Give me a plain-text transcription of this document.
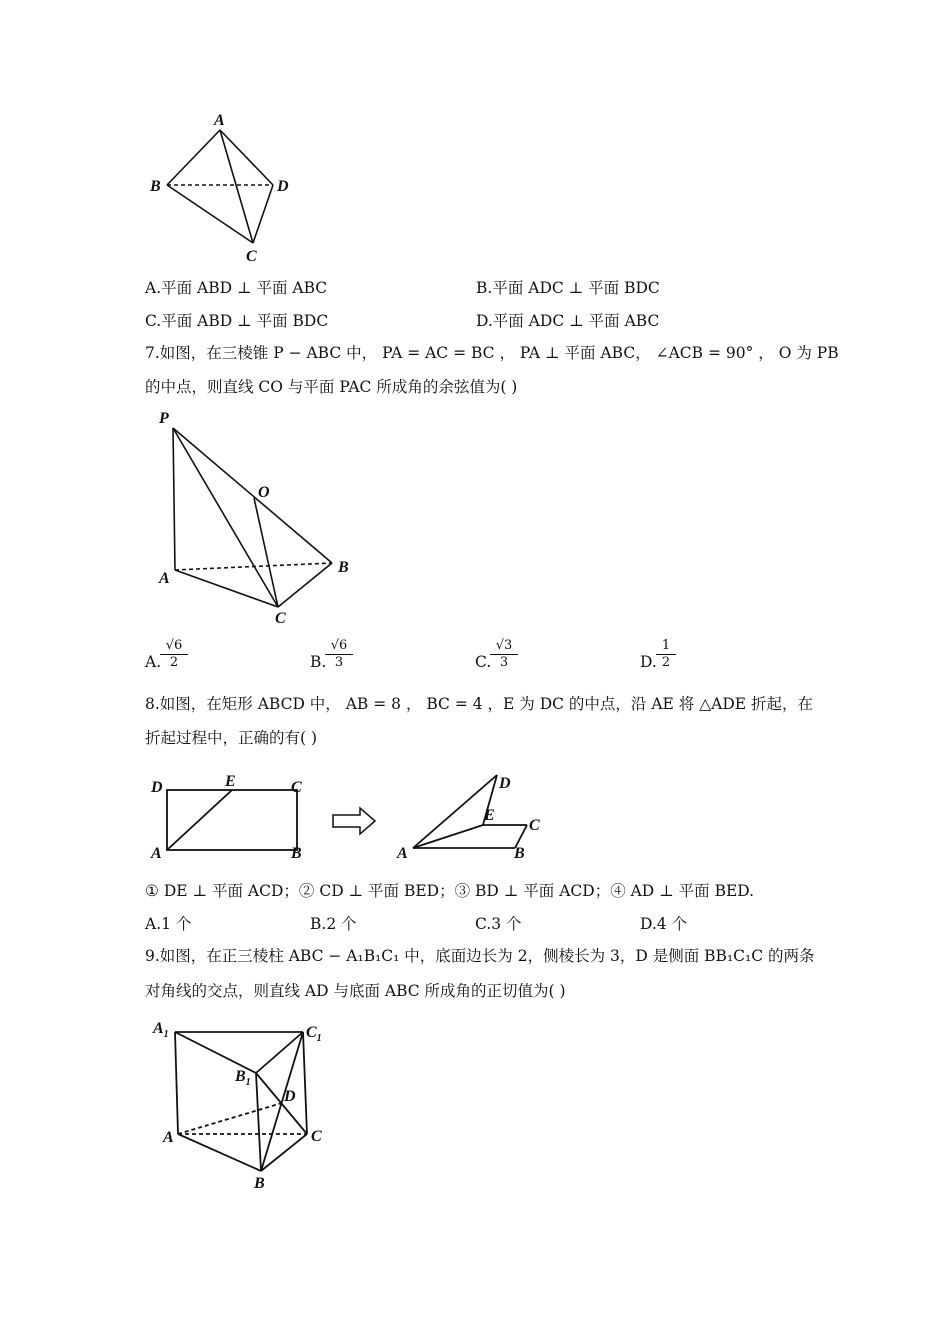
A
B	D
C
A.平面 ABD ⊥ 平面 ABC	B.平面 ADC ⊥ 平面 BDC
C.平面 ABD ⊥ 平面 BDC	D.平面 ADC ⊥ 平面 ABC
7.如图，在三棱锥 P − ABC 中， PA = AC = BC ， PA ⊥ 平面 ABC， ∠ACB = 90° ， O 为 PB
的中点，则直线 CO 与平面 PAC 所成角的余弦值为( )
P
O
A
B
C
A.
$\frac{√6}{2}$	B.
$\frac{√6}{3}$	C.
$\frac{√3}{3}$	D. $\frac{1}{2}$
8.如图，在矩形 ABCD 中， AB = 8 ， BC = 4 ，E 为 DC 的中点，沿 AE 将 △ADE 折起，在
折起过程中，正确的有( )
D	E	C
A	B
D
E
C
A	B
① DE ⊥ 平面 ACD；② CD ⊥ 平面 BED；③ BD ⊥ 平面 ACD；④ AD ⊥ 平面 BED.
A.1 个	B.2 个	C.3 个	D.4 个
9.如图，在正三棱柱 ABC − A₁B₁C₁ 中，底面边长为 2，侧棱长为 3，D 是侧面 BB₁C₁C 的两条
对角线的交点，则直线 AD 与底面 ABC 所成角的正切值为( )
$A_1$	$C_1$
$B_1$
D
A	C
B
